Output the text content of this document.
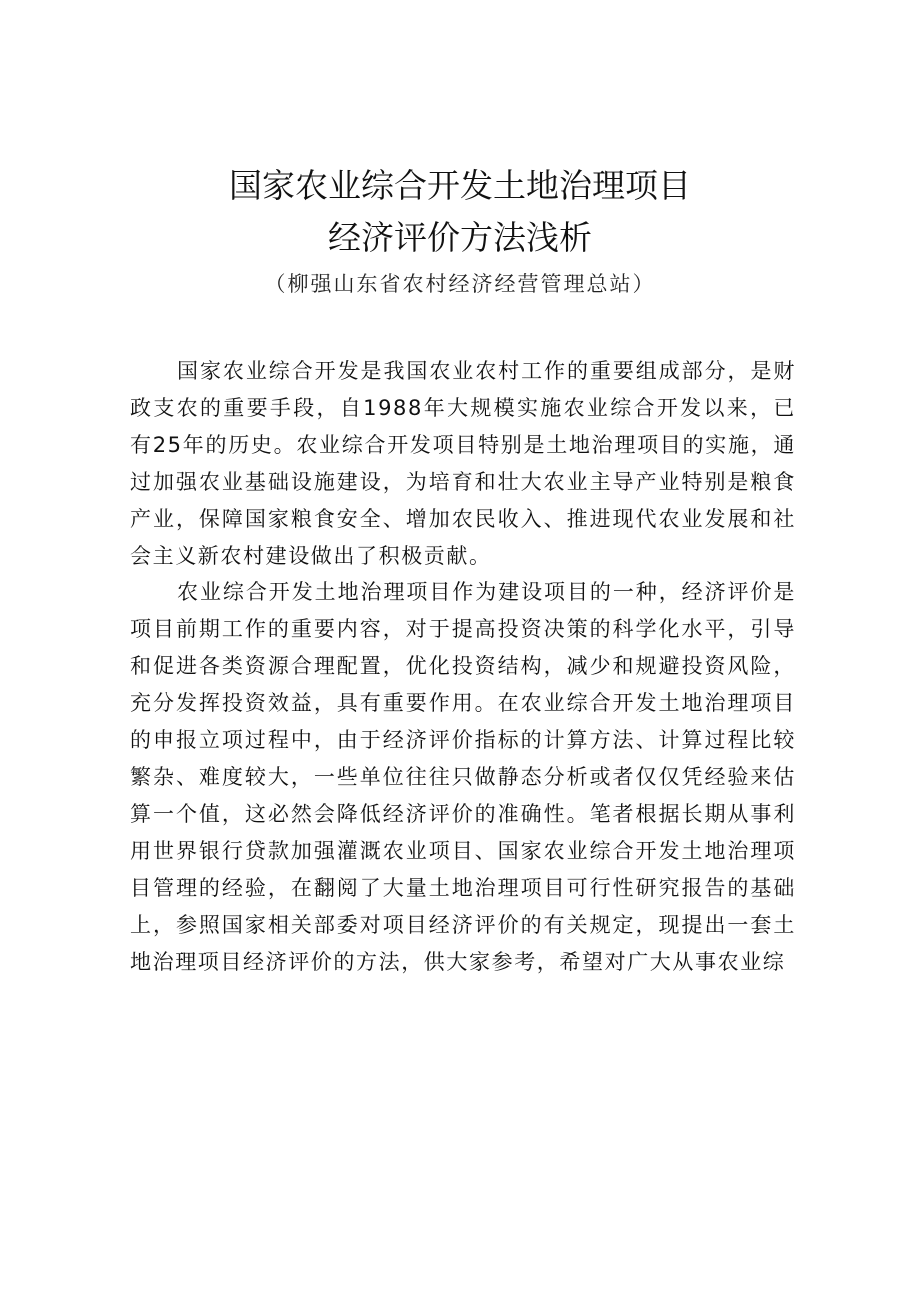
国家农业综合开发土地治理项目
经济评价方法浅析
（柳强山东省农村经济经营管理总站）

国家农业综合开发是我国农业农村工作的重要组成部分，是财政支农的重要手段，自1988年大规模实施农业综合开发以来，已有25年的历史。农业综合开发项目特别是土地治理项目的实施，通过加强农业基础设施建设，为培育和壮大农业主导产业特别是粮食产业，保障国家粮食安全、增加农民收入、推进现代农业发展和社会主义新农村建设做出了积极贡献。

农业综合开发土地治理项目作为建设项目的一种，经济评价是项目前期工作的重要内容，对于提高投资决策的科学化水平，引导和促进各类资源合理配置，优化投资结构，减少和规避投资风险，充分发挥投资效益，具有重要作用。在农业综合开发土地治理项目的申报立项过程中，由于经济评价指标的计算方法、计算过程比较繁杂、难度较大，一些单位往往只做静态分析或者仅仅凭经验来估算一个值，这必然会降低经济评价的准确性。笔者根据长期从事利用世界银行贷款加强灌溉农业项目、国家农业综合开发土地治理项目管理的经验，在翻阅了大量土地治理项目可行性研究报告的基础上，参照国家相关部委对项目经济评价的有关规定，现提出一套土地治理项目经济评价的方法，供大家参考，希望对广大从事农业综
